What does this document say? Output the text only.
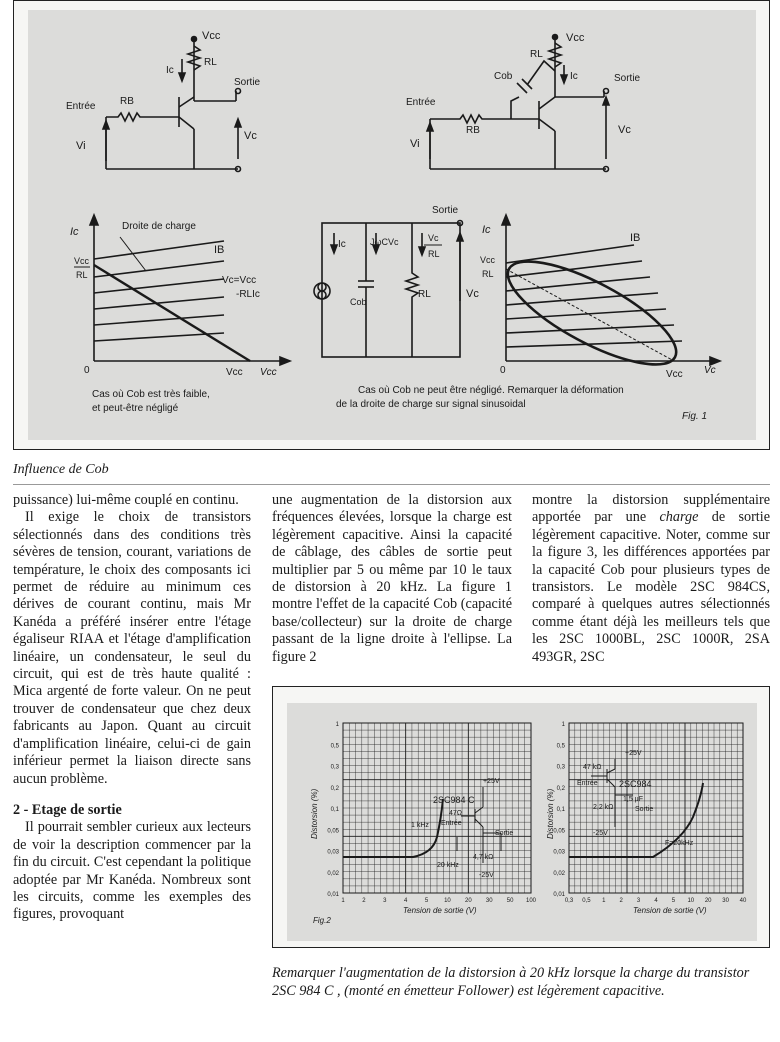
Vcc
RL
Ic
Sortie
Entrée RB
Vi
Vc
Vcc
RL
Cob	Ic	Sortie
Entrée
RB
Vi
Vc
Ic	Droite de charge
IB
Vcc
RL	Vc=Vcc
-RLIc
0	Vcc Vcc
Sortie
Ic	JωCVc	Vc
RL
Cob
RL	Vc
Ic
IB
Vcc
RL
0	Vcc Vc
Cas où Cob est très faible,
et peut-être négligé
Cas où Cob ne peut être négligé. Remarquer la déformation
de la droite de charge sur signal sinusoidal
Fig. 1
Influence de Cob

puissance) lui-même couplé en continu.

Il exige le choix de transistors sélectionnés dans des conditions très sévères de tension, courant, variations de température, le choix des composants ici permet de réduire au minimum ces dérives de courant continu, mais Mr Kanéda a préféré insérer entre l'étage égaliseur RIAA et l'étage d'amplification linéaire, un condensateur, le seul du circuit, qui est de très haute qualité : Mica argenté de forte valeur. On ne peut trouver de condensateur que chez deux fabricants au Japon. Quant au circuit d'amplification linéaire, celui-ci de gain inférieur permet la liaison directe sans aucun problème.

2 - Etage de sortie

Il pourrait sembler curieux aux lecteurs de voir la description commencer par la fin du circuit. C'est cependant la politique adoptée par Mr Kanéda. Nombreux sont les circuits, comme les exemples des figures, provoquant

une augmentation de la distorsion aux fréquences élevées, lorsque la charge est légèrement capacitive. Ainsi la capacité de câblage, des câbles de sortie peut multiplier par 5 ou même par 10 le taux de distorsion à 20 kHz. La figure 1 montre l'effet de la capacité Cob (capacité base/collecteur) sur la droite de charge passant de la ligne droite à l'ellipse. La figure 2

montre la distorsion supplémentaire apportée par une charge de sortie légèrement capacitive. Noter, comme sur la figure 3, les différences apportées par la capacité Cob pour plusieurs types de transistors. Le modèle 2SC 984CS, comparé à quelques autres sélectionnés comme étant déjà les meilleurs tels que les 2SC 1000BL, 2SC 1000R, 2SA 493GR, 2SC

1
0,5
0,3
0,2
0,1
0,05
0,03
0,02
0,01
1	2	3	4	5	10 20 30 50 100
1
0,5
0,3
0,2
0,1
0,05
0,03
0,02
0,01
0,3 0,5 1 2 3 4 5 10 20 30 40
Distorsion (%)	Distorsion (%)
Tension de sortie (V)	Tension de sortie (V)
Fig.2
2SC984 C
+25V
47Ω
Entrée
Sortie
4,7 kΩ
-25V
1 kHz
20 kHz
+25V
47 kΩ
Entrée 2SC984
2,2 kΩ
1,5 μF
Sortie
-25V
F=20kHz
Remarquer l'augmentation de la distorsion à 20 kHz lorsque la charge du transistor 2SC 984 C , (monté en émetteur Follower) est légèrement capacitive.
